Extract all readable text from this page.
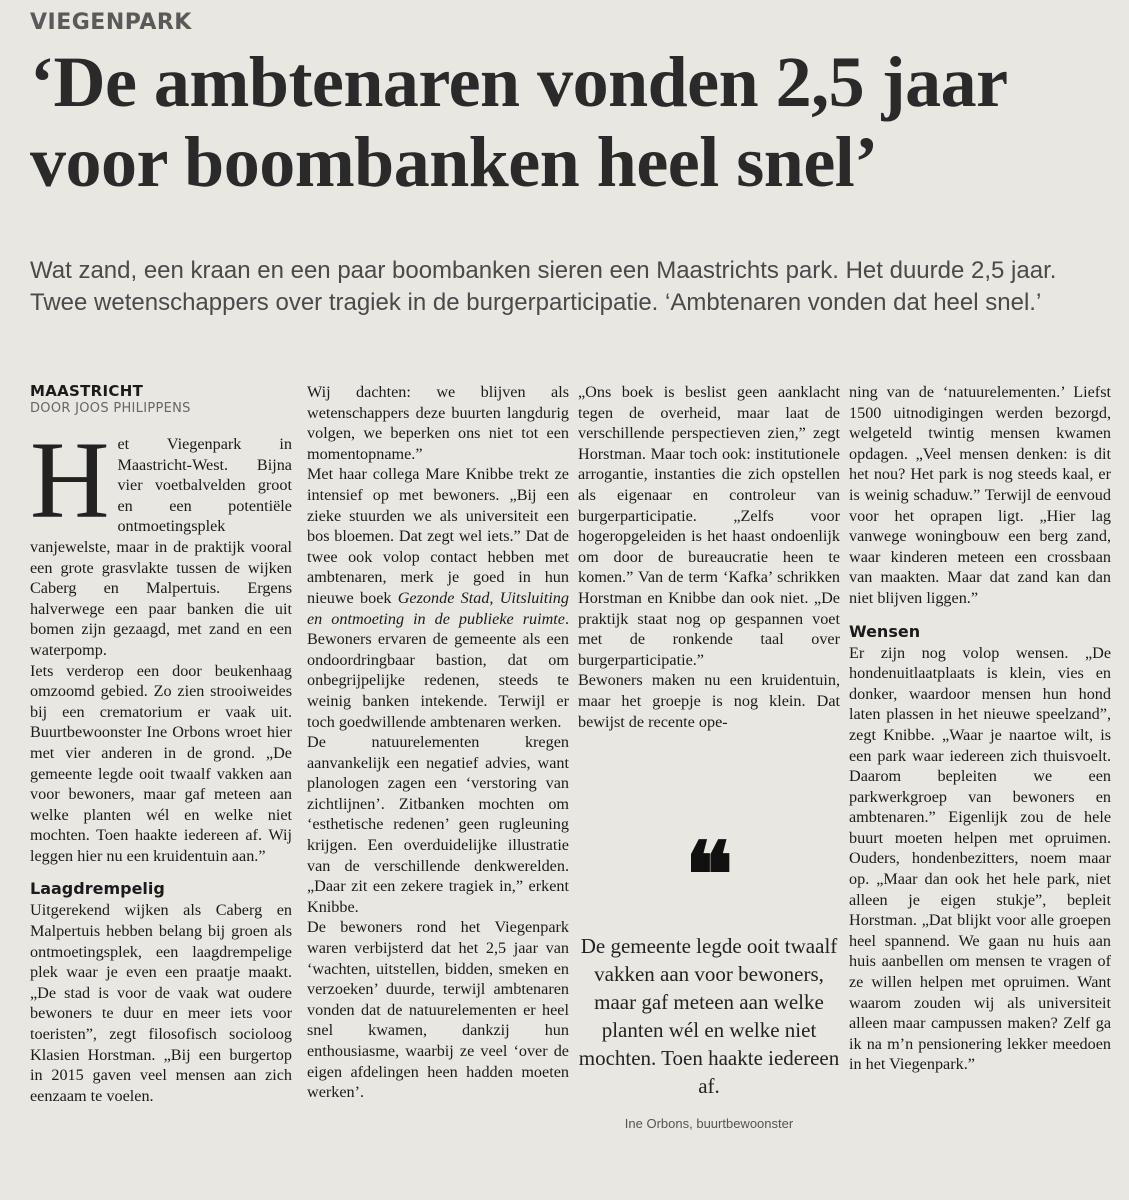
VIEGENPARK
‘De ambtenaren vonden 2,5 jaar voor boombanken heel snel’
Wat zand, een kraan en een paar boombanken sieren een Maastrichts park. Het duurde 2,5 jaar. Twee wetenschappers over tragiek in de burgerparticipatie. ‘Ambtenaren vonden dat heel snel.’
MAASTRICHT
DOOR JOOS PHILIPPENS
H et Viegenpark in Maastricht-West. Bijna vier voetbalvelden groot en een potentiële ontmoetingsplek vanjewelste, maar in de praktijk vooral een grote grasvlakte tussen de wijken Caberg en Malpertuis. Ergens halverwege een paar banken die uit bomen zijn gezaagd, met zand en een waterpomp.

Iets verderop een door beukenhaag omzoomd gebied. Zo zien strooiweides bij een crematorium er vaak uit. Buurtbewoonster Ine Orbons wroet hier met vier anderen in de grond. „De gemeente legde ooit twaalf vakken aan voor bewoners, maar gaf meteen aan welke planten wél en welke niet mochten. Toen haakte iedereen af. Wij leggen hier nu een kruidentuin aan.”

Laagdrempelig

Uitgerekend wijken als Caberg en Malpertuis hebben belang bij groen als ontmoetingsplek, een laagdrempelige plek waar je even een praatje maakt. „De stad is voor de vaak wat oudere bewoners te duur en meer iets voor toeristen”, zegt filosofisch socioloog Klasien Horstman. „Bij een burgertop in 2015 gaven veel mensen aan zich eenzaam te voelen.

Wij dachten: we blijven als wetenschappers deze buurten langdurig volgen, we beperken ons niet tot een momentopname.”

Met haar collega Mare Knibbe trekt ze intensief op met bewoners. „Bij een zieke stuurden we als universiteit een bos bloemen. Dat zegt wel iets.” Dat de twee ook volop contact hebben met ambtenaren, merk je goed in hun nieuwe boek Gezonde Stad, Uitsluiting en ontmoeting in de publieke ruimte. Bewoners ervaren de gemeente als een ondoordringbaar bastion, dat om onbegrijpelijke redenen, steeds te weinig banken intekende. Terwijl er toch goedwillende ambtenaren werken.

De natuurelementen kregen aanvankelijk een negatief advies, want planologen zagen een ‘verstoring van zichtlijnen’. Zitbanken mochten om ‘esthetische redenen’ geen rugleuning krijgen. Een overduidelijke illustratie van de verschillende denkwerelden. „Daar zit een zekere tragiek in,” erkent Knibbe.

De bewoners rond het Viegenpark waren verbijsterd dat het 2,5 jaar van ‘wachten, uitstellen, bidden, smeken en verzoeken’ duurde, terwijl ambtenaren vonden dat de natuurelementen er heel snel kwamen, dankzij hun enthousiasme, waarbij ze veel ‘over de eigen afdelingen heen hadden moeten werken’.

„Ons boek is beslist geen aanklacht tegen de overheid, maar laat de verschillende perspectieven zien,” zegt Horstman. Maar toch ook: institutionele arrogantie, instanties die zich opstellen als eigenaar en controleur van burgerparticipatie. „Zelfs voor hogeropgeleiden is het haast ondoenlijk om door de bureaucratie heen te komen.” Van de term ‘Kafka’ schrikken Horstman en Knibbe dan ook niet. „De praktijk staat nog op gespannen voet met de ronkende taal over burgerparticipatie.”

Bewoners maken nu een kruidentuin, maar het groepje is nog klein. Dat bewijst de recente ope-

❝
De gemeente legde ooit twaalf vakken aan voor bewoners, maar gaf meteen aan welke planten wél en welke niet mochten. Toen haakte iedereen af.
Ine Orbons, buurtbewoonster

ning van de ‘natuurelementen.’ Liefst 1500 uitnodigingen werden bezorgd, welgeteld twintig mensen kwamen opdagen. „Veel mensen denken: is dit het nou? Het park is nog steeds kaal, er is weinig schaduw.” Terwijl de eenvoud voor het oprapen ligt. „Hier lag vanwege woningbouw een berg zand, waar kinderen meteen een crossbaan van maakten. Maar dat zand kan dan niet blijven liggen.”

Wensen

Er zijn nog volop wensen. „De hondenuitlaatplaats is klein, vies en donker, waardoor mensen hun hond laten plassen in het nieuwe speelzand”, zegt Knibbe. „Waar je naartoe wilt, is een park waar iedereen zich thuisvoelt. Daarom bepleiten we een parkwerkgroep van bewoners en ambtenaren.” Eigenlijk zou de hele buurt moeten helpen met opruimen. Ouders, hondenbezitters, noem maar op. „Maar dan ook het hele park, niet alleen je eigen stukje”, bepleit Horstman. „Dat blijkt voor alle groepen heel spannend. We gaan nu huis aan huis aanbellen om mensen te vragen of ze willen helpen met opruimen. Want waarom zouden wij als universiteit alleen maar campussen maken? Zelf ga ik na m’n pensionering lekker meedoen in het Viegenpark.”
